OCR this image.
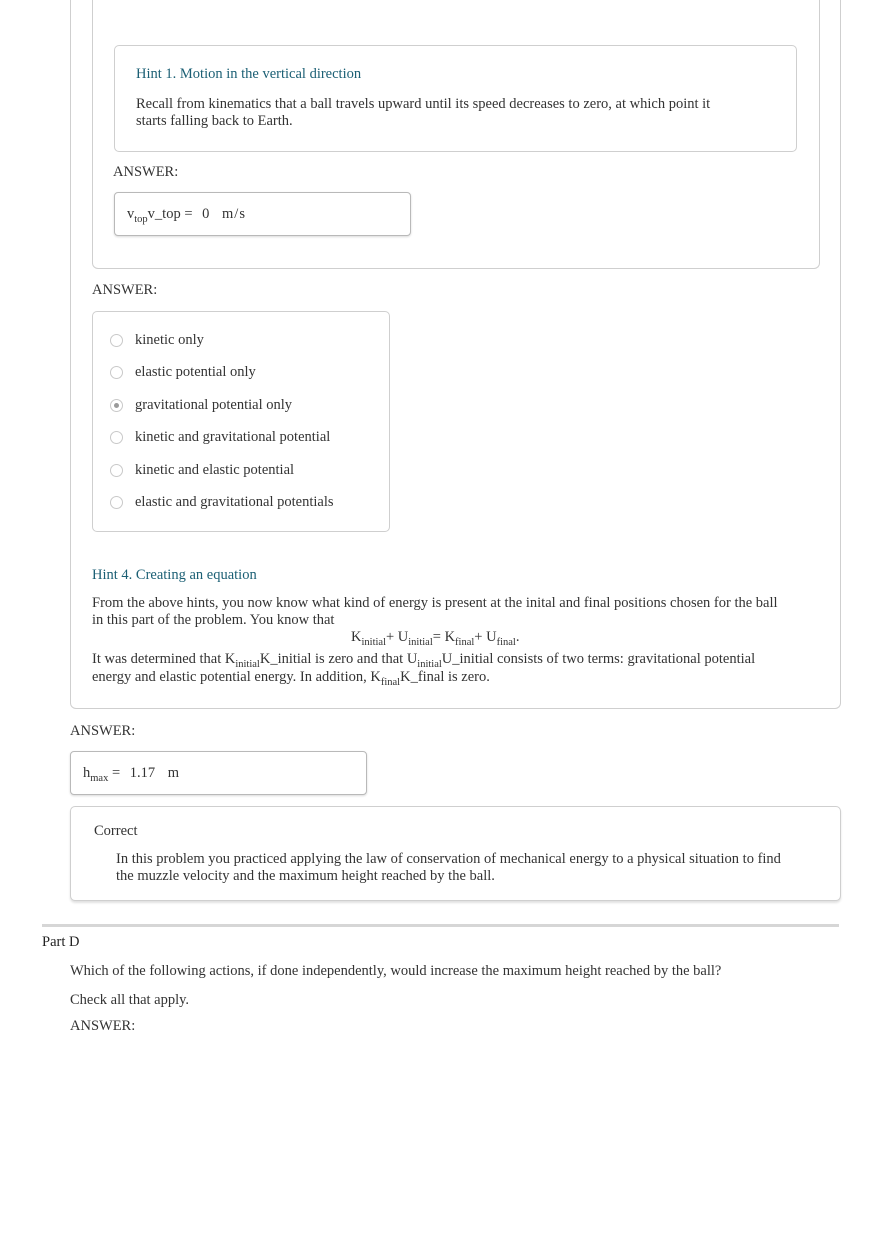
Hint 1. Motion in the vertical direction
Recall from kinematics that a ball travels upward until its speed decreases to zero, at which point it
starts falling back to Earth.
ANSWER:
$v_{top}v\_top = 0$ m/s
ANSWER:
kinetic only
elastic potential only
gravitational potential only
kinetic and gravitational potential
kinetic and elastic potential
elastic and gravitational potentials
Hint 4. Creating an equation
From the above hints, you now know what kind of energy is present at the inital and final positions chosen for the ball
in this part of the problem. You know that
$K_{initial}+ U_{initial}= K_{final}+ U_{final}$.
It was determined that $K_{initial}K\_initial$ is zero and that $U_{initial}U\_initial$ consists of two terms: gravitational potential
energy and elastic potential energy. In addition, $K_{final}K\_final$ is zero.
ANSWER:
$h_{max} = 1.17$ m
Correct
In this problem you practiced applying the law of conservation of mechanical energy to a physical situation to find
the muzzle velocity and the maximum height reached by the ball.
Part D
Which of the following actions, if done independently, would increase the maximum height reached by the ball?
Check all that apply.
ANSWER:
